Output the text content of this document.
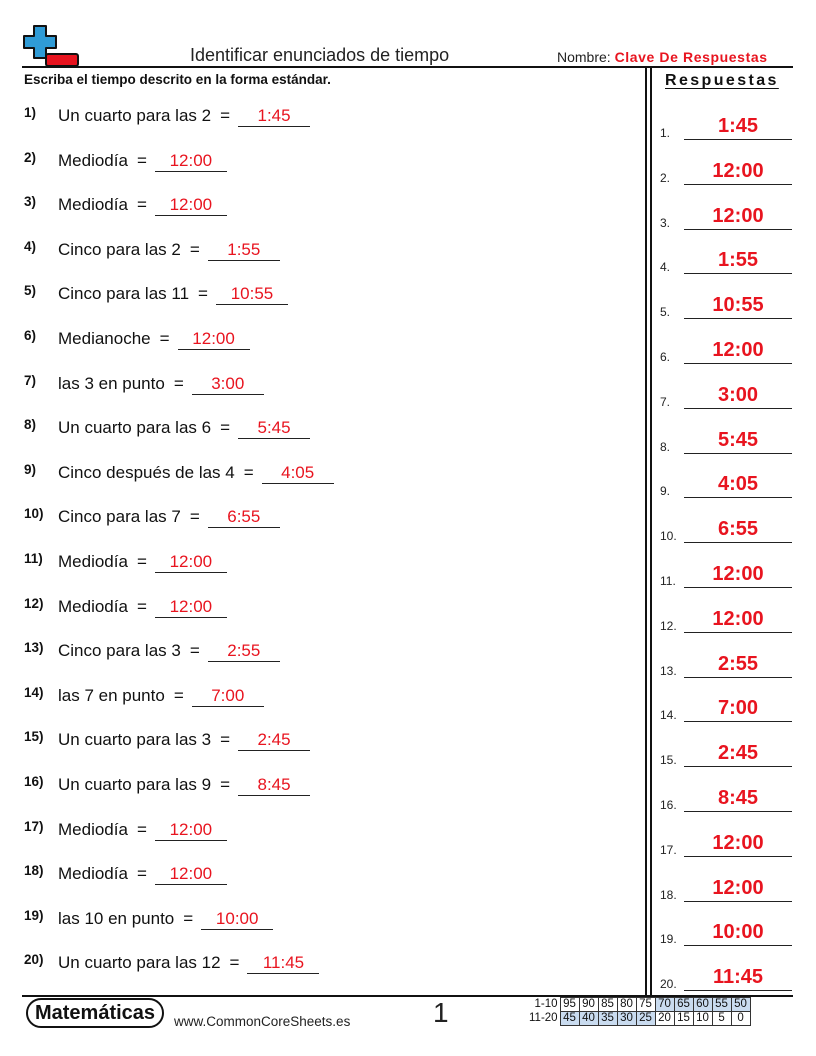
Identificar enunciados de tiempo	Nombre: Clave De Respuestas
Escriba el tiempo descrito en la forma estándar.	Respuestas
1) Un cuarto para las 2 = 1:45
2) Mediodía = 12:00
3) Mediodía = 12:00
4) Cinco para las 2 = 1:55
5) Cinco para las 11 = 10:55
6) Medianoche = 12:00
7) las 3 en punto = 3:00
8) Un cuarto para las 6 = 5:45
9) Cinco después de las 4 = 4:05
10) Cinco para las 7 = 6:55
11) Mediodía = 12:00
12) Mediodía = 12:00
13) Cinco para las 3 = 2:55
14) las 7 en punto = 7:00
15) Un cuarto para las 3 = 2:45
16) Un cuarto para las 9 = 8:45
17) Mediodía = 12:00
18) Mediodía = 12:00
19) las 10 en punto = 10:00
20) Un cuarto para las 12 = 11:45
1.	1:45
2.	12:00
3.	12:00
4.	1:55
5.	10:55
6.	12:00
7.	3:00
8.	5:45
9.	4:05
10.	6:55
11.	12:00
12.	12:00
13.	2:55
14.	7:00
15.	2:45
16.	8:45
17.	12:00
18.	12:00
19.	10:00
20.	11:45
Matemáticas	www.CommonCoreSheets.es	1	1-10	95	90	85	80	75	70	65	60	55	50
11-20	45	40	35	30	25	20	15	10	5	0
